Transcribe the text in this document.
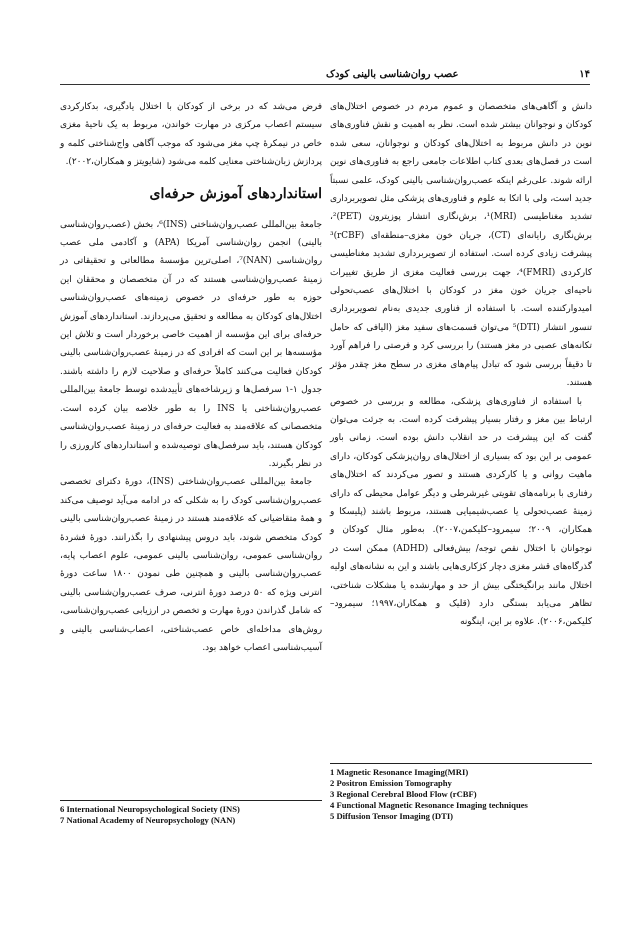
۱۴
عصب روان‌شناسی بالینی کودک

دانش و آگاهی‌های متخصصان و عموم مردم در خصوص اختلال‌های کودکان و نوجوانان بیشتر شده است. نظر به اهمیت و نقش فناوری‌های نوین در دانش مربوط به اختلال‌های کودکان و نوجوانان، سعی شده است در فصل‌های بعدی کتاب اطلاعات جامعی راجع به فناوری‌های نوین ارائه شوند. علی‌رغم اینکه عصب‌روان‌شناسی بالینی کودک، علمی نسبتاً جدید است، ولی با اتکا به علوم و فناوری‌های پزشکی مثل تصویربرداری تشدید مغناطیسی (MRI)¹، برش‌نگاری انتشار پوزیترون (PET)²، برش‌نگاری رایانه‌ای (CT)، جریان خون مغزی–منطقه‌ای (rCBF)³ پیشرفت زیادی کرده است. استفاده از تصویربرداری تشدید مغناطیسی کارکردی (FMRI)⁴، جهت بررسی فعالیت مغزی از طریق تغییرات ناحیه‌ای جریان خون مغز در کودکان با اختلال‌های عصب‌تحولی امیدوارکننده است. با استفاده از فناوری جدیدی به‌نام تصویربرداری تنسور انتشار (DTI)⁵ می‌توان قسمت‌های سفید مغز (الیافی که حامل تکانه‌های عصبی در مغز هستند) را بررسی کرد و فرصتی را فراهم آورد تا دقیقاً بررسی شود که تبادل پیام‌های مغزی در سطح مغز چقدر مؤثر هستند.

با استفاده از فناوری‌های پزشکی، مطالعه و بررسی در خصوص ارتباط بین مغز و رفتار بسیار پیشرفت کرده است. به جرئت می‌توان گفت که این پیشرفت در حد انقلاب دانش بوده است. زمانی باور عمومی بر این بود که بسیاری از اختلال‌های روان‌پزشکی کودکان، دارای ماهیت روانی و یا کارکردی هستند و تصور می‌کردند که اختلال‌های رفتاری با برنامه‌های تقویتی غیرشرطی و دیگر عوامل محیطی که دارای زمینهٔ عصب‌تحولی یا عصب‌شیمیایی هستند، مربوط باشند (پلیسکا و همکاران، ۲۰۰۹؛ سیمرود–کلیکمن،۲۰۰۷). به‌طور مثال کودکان و نوجوانان با اختلال نقص توجه/ بیش‌فعالی (ADHD) ممکن است در گذرگاه‌های قشر مغزی دچار کژکاری‌هایی باشند و این به نشانه‌های اولیه اختلال مانند برانگیختگی بیش از حد و مهارنشده یا مشکلات شناختی، تظاهر می‌یابد بستگی دارد (قلیک و همکاران،۱۹۹۷؛ سیمرود–کلیکمن،۲۰۰۶). علاوه بر این، اینگونه

فرض می‌شد که در برخی از کودکان با اختلال یادگیری، بدکارکردی سیستم اعصاب مرکزی در مهارت خواندن، مربوط به یک ناحیهٔ مغزی خاص در نیمکرهٔ چپ مغز می‌شود که موجب آگاهی واج‌شناختی کلمه و پردازش زبان‌شناختی معنایی کلمه می‌شود (شایویتز و همکاران،۲۰۰۲).

استانداردهای آموزش حرفه‌ای

جامعهٔ بین‌المللی عصب‌روان‌شناختی (INS)⁶، بخش (عصب‌روان‌شناسی بالینی) انجمن روان‌شناسی آمریکا (APA) و آکادمی ملی عصب روان‌شناسی (NAN)⁷، اصلی‌ترین مؤسسهٔ مطالعاتی و تحقیقاتی در زمینهٔ عصب‌روان‌شناسی هستند که در آن متخصصان و محققان این حوزه به طور حرفه‌ای در خصوص زمینه‌های عصب‌روان‌شناسی اختلال‌های کودکان به مطالعه و تحقیق می‌پردازند. استانداردهای آموزش حرفه‌ای برای این مؤسسه از اهمیت خاصی برخوردار است و تلاش این مؤسسه‌ها بر این است که افرادی که در زمینهٔ عصب‌روان‌شناسی بالینی کودکان فعالیت می‌کنند کاملاً حرفه‌ای و صلاحیت لازم را داشته باشند. جدول ۱-۱ سرفصل‌ها و زیرشاخه‌های تأییدشده توسط جامعهٔ بین‌المللی عصب‌روان‌شناختی یا INS را به طور خلاصه بیان کرده است. متخصصانی که علاقه‌مند به فعالیت حرفه‌ای در زمینهٔ عصب‌روان‌شناسی کودکان هستند، باید سرفصل‌های توصیه‌شده و استانداردهای کارورزی را در نظر بگیرند.

جامعهٔ بین‌المللی عصب‌روان‌شناختی (INS)، دورهٔ دکترای تخصصی عصب‌روان‌شناسی کودک را به شکلی که در ادامه می‌آید توصیف می‌کند و همهٔ متقاضیانی که علاقه‌مند هستند در زمینهٔ عصب‌روان‌شناسی بالینی کودک متخصص شوند، باید دروس پیشنهادی را بگذرانند. دورهٔ فشردهٔ روان‌شناسی عمومی، روان‌شناسی بالینی عمومی، علوم اعصاب پایه، عصب‌روان‌شناسی بالینی و همچنین طی نمودن ۱۸۰۰ ساعت دورهٔ انترنی ویژه که ۵۰ درصد دورهٔ انترنی، صرف عصب‌روان‌شناسی بالینی که شامل گذراندن دورهٔ مهارت و تخصص در ارزیابی عصب‌روان‌شناسی، روش‌های مداخله‌ای خاص عصب‌شناختی، اعصاب‌شناسی بالینی و آسیب‌شناسی اعصاب خواهد بود.

1 Magnetic Resonance Imaging(MRI)
2 Positron Emission Tomography
3 Regional Cerebral Blood Flow (rCBF)
4 Functional Magnetic Resonance Imaging techniques
5 Diffusion Tensor Imaging (DTI)
6 International Neuropsychological Society (INS)
7 National Academy of Neuropsychology (NAN)
